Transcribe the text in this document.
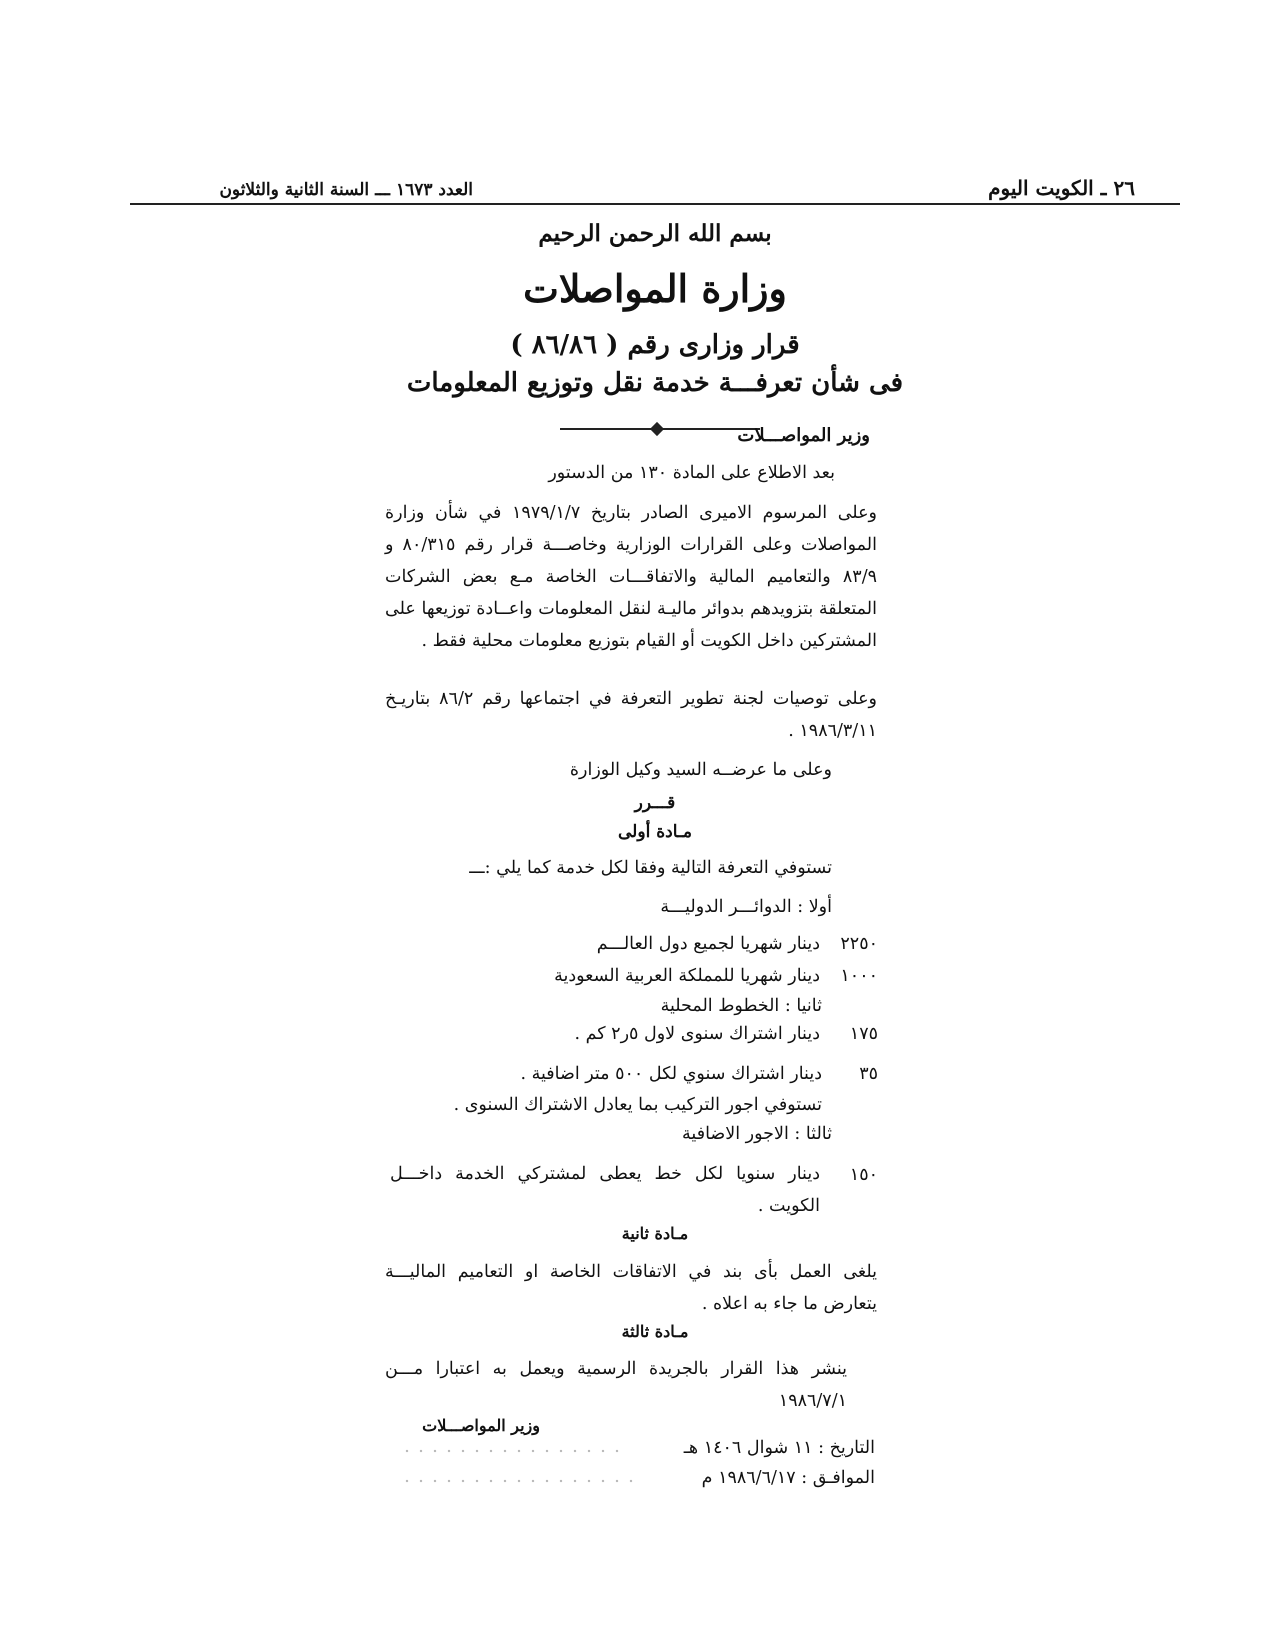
العدد ١٦٧٣ ـــ السنة الثانية والثلاثون	٢٦ ـ الكويت اليوم
بسم الله الرحمن الرحيم
وزارة المواصلات
قرار وزارى رقم ( ٨٦/٨٦ )
فى شأن تعرفـــة خدمة نقل وتوزيع المعلومات
وزير المواصـــلات
بعد الاطلاع على المادة ١٣٠ من الدستور
وعلى المرسوم الاميرى الصادر بتاريخ ١٩٧٩/١/٧ في شأن وزارة المواصلات وعلى القرارات الوزارية وخاصـــة قرار رقم ٨٠/٣١٥ و ٨٣/٩ والتعاميم المالية والاتفاقـــات الخاصة مـع بعض الشركات المتعلقة بتزويدهم بدوائر ماليـة لنقل المعلومات واعــادة توزيعها على المشتركين داخل الكويت أو القيام بتوزيع معلومات محلية فقط .
وعلى توصيات لجنة تطوير التعرفة في اجتماعها رقم ٨٦/٢ بتاريـخ ١٩٨٦/٣/١١ .
وعلى ما عرضــه السيد وكيل الوزارة
قـــرر
مـادة أولى
تستوفي التعرفة التالية وفقا لكل خدمة كما يلي :ـــ
أولا : الدوائـــر الدوليـــة
٢٢٥٠
دينار شهريا لجميع دول العالـــم
١٠٠٠
دينار شهريا للمملكة العربية السعودية
ثانيا : الخطوط المحلية
١٧٥
دينار اشتراك سنوى لاول ٥ر٢ كم .
٣٥
دينار اشتراك سنوي لكل ٥٠٠ متر اضافية .
تستوفي اجور التركيب بما يعادل الاشتراك السنوى .
ثالثا : الاجور الاضافية
١٥٠
دينار سنويا لكل خط يعطى لمشتركي الخدمة داخـــل الكويت .
مـادة ثانية
يلغى العمل بأى بند في الاتفاقات الخاصة او التعاميم الماليـــة يتعارض ما جاء به اعلاه .
مـادة ثالثة
ينشر هذا القرار بالجريدة الرسمية ويعمل به اعتبارا مـــن ١٩٨٦/٧/١
وزير المواصـــلات
التاريخ : ١١ شوال ١٤٠٦ هـ
الموافـق : ١٩٨٦/٦/١٧ م
